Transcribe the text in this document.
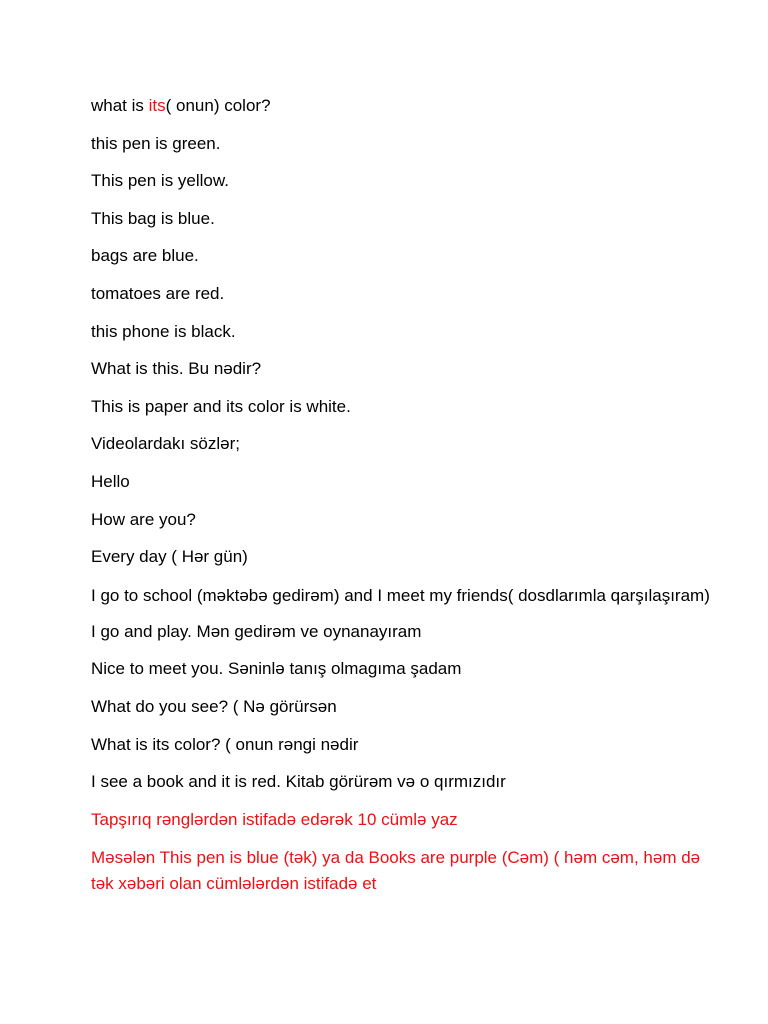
what is its( onun) color?
this pen is green.
This pen is yellow.
This bag is blue.
bags are blue.
tomatoes are red.
this phone is black.
What is this. Bu nədir?
This is paper and its color is white.
Videolardakı sözlər;
Hello
How are you?
Every day ( Hər gün)
I go to school (məktəbə gedirəm) and I meet my friends( dosdlarımla qarşılaşıram)
I go and play. Mən gedirəm ve oynanayıram
Nice to meet you. Səninlə tanış olmagıma şadam
What do you see? ( Nə görürsən
What is its color? ( onun rəngi nədir
I see a book and it is red. Kitab görürəm və o qırmızıdır
Tapşırıq rənglərdən istifadə edərək 10 cümlə yaz
Məsələn This pen is blue (tək) ya da Books are purple (Cəm) ( həm cəm, həm də tək xəbəri olan cümlələrdən istifadə et
